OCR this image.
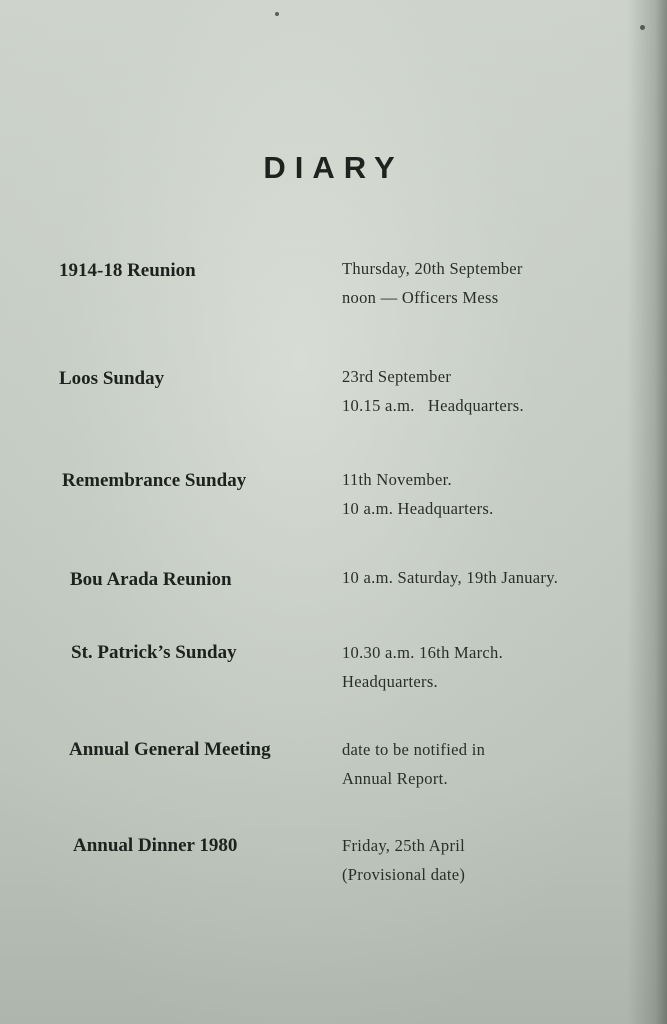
DIARY
1914-18 Reunion	Thursday, 20th September
noon — Officers Mess
Loos Sunday	23rd September
10.15 a.m.   Headquarters.
Remembrance Sunday	11th November.
10 a.m. Headquarters.
Bou Arada Reunion	10 a.m. Saturday, 19th January.
St. Patrick’s Sunday	10.30 a.m. 16th March.
Headquarters.
Annual General Meeting	date to be notified in
Annual Report.
Annual Dinner 1980	Friday, 25th April
(Provisional date)
